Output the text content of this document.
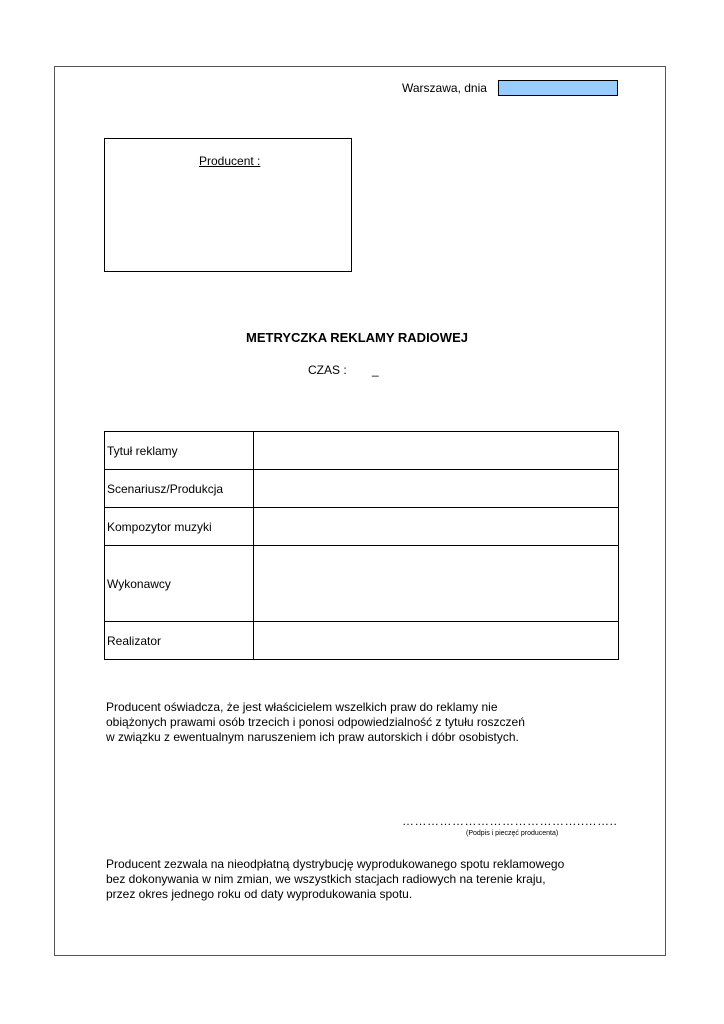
Warszawa, dnia
Producent :
METRYCZKA REKLAMY RADIOWEJ
CZAS : _
Tytuł reklamy	
Scenariusz/Produkcja	
Kompozytor muzyki	
Wykonawcy	
Realizator	
Producent oświadcza, że jest właścicielem wszelkich praw do reklamy nie
obiążonych prawami osób trzecich i ponosi odpowiedzialność z tytułu roszczeń
w związku z ewentualnym naruszeniem ich praw autorskich i dóbr osobistych.
……………………………………..……..
(Podpis i pieczęć producenta)
Producent zezwala na nieodpłatną dystrybucję wyprodukowanego spotu reklamowego
bez dokonywania w nim zmian, we wszystkich stacjach radiowych na terenie kraju,
przez okres jednego roku od daty wyprodukowania spotu.
